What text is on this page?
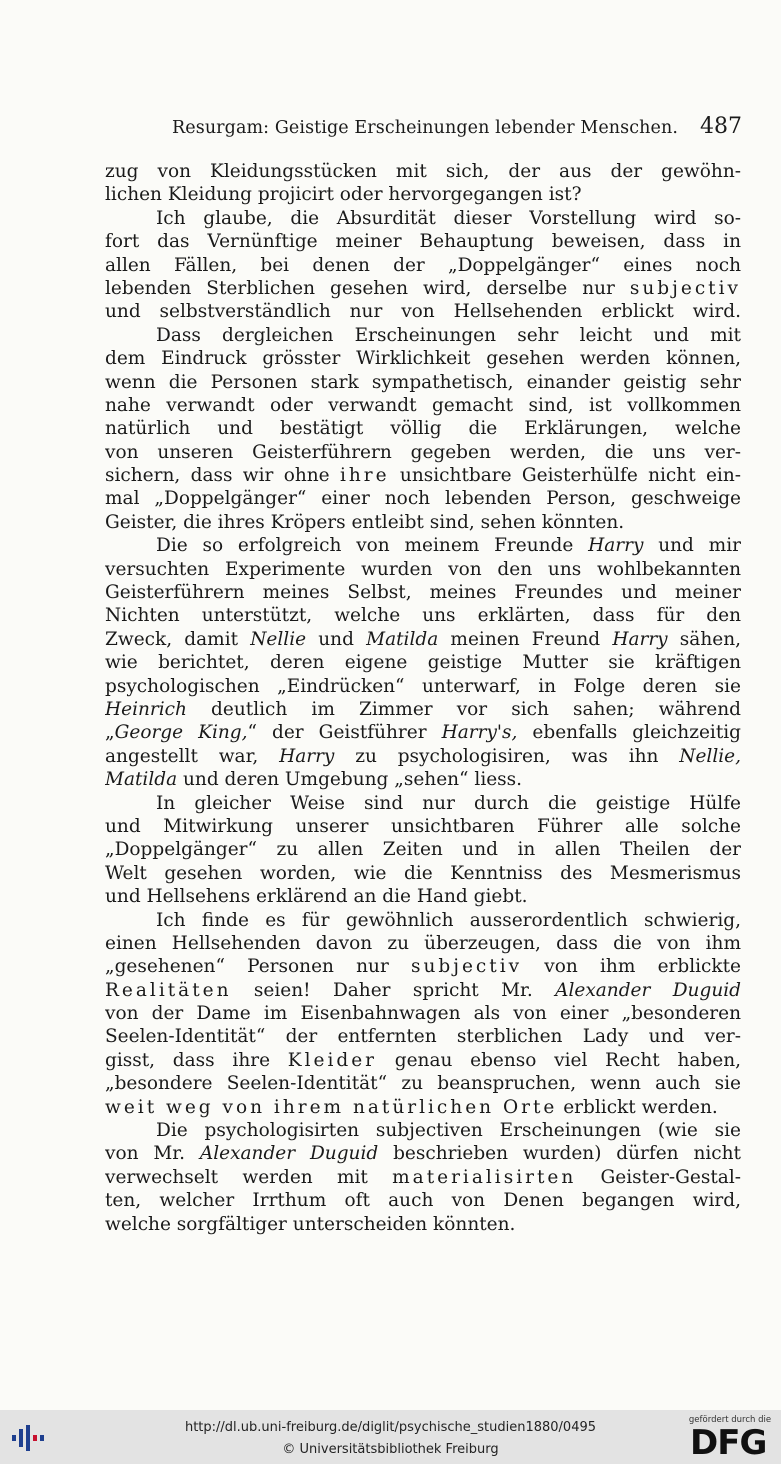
Resurgam: Geistige Erscheinungen lebender Menschen. 487
zug von Kleidungsstücken mit sich, der aus der gewöhn-
lichen Kleidung projicirt oder hervorgegangen ist?
Ich glaube, die Absurdität dieser Vorstellung wird so-
fort das Vernünftige meiner Behauptung beweisen, dass in
allen Fällen, bei denen der „Doppelgänger“ eines noch
lebenden Sterblichen gesehen wird, derselbe nur subjectiv
und selbstverständlich nur von Hellsehenden erblickt wird.
Dass dergleichen Erscheinungen sehr leicht und mit
dem Eindruck grösster Wirklichkeit gesehen werden können,
wenn die Personen stark sympathetisch, einander geistig sehr
nahe verwandt oder verwandt gemacht sind, ist vollkommen
natürlich und bestätigt völlig die Erklärungen, welche
von unseren Geisterführern gegeben werden, die uns ver-
sichern, dass wir ohne ihre unsichtbare Geisterhülfe nicht ein-
mal „Doppelgänger“ einer noch lebenden Person, geschweige
Geister, die ihres Kröpers entleibt sind, sehen könnten.
Die so erfolgreich von meinem Freunde Harry und mir
versuchten Experimente wurden von den uns wohlbekannten
Geisterführern meines Selbst, meines Freundes und meiner
Nichten unterstützt, welche uns erklärten, dass für den
Zweck, damit Nellie und Matilda meinen Freund Harry sähen,
wie berichtet, deren eigene geistige Mutter sie kräftigen
psychologischen „Eindrücken“ unterwarf, in Folge deren sie
Heinrich deutlich im Zimmer vor sich sahen; während
„George King,“ der Geistführer Harry's, ebenfalls gleichzeitig
angestellt war, Harry zu psychologisiren, was ihn Nellie,
Matilda und deren Umgebung „sehen“ liess.
In gleicher Weise sind nur durch die geistige Hülfe
und Mitwirkung unserer unsichtbaren Führer alle solche
„Doppelgänger“ zu allen Zeiten und in allen Theilen der
Welt gesehen worden, wie die Kenntniss des Mesmerismus
und Hellsehens erklärend an die Hand giebt.
Ich finde es für gewöhnlich ausserordentlich schwierig,
einen Hellsehenden davon zu überzeugen, dass die von ihm
„gesehenen“ Personen nur subjectiv von ihm erblickte
Realitäten seien! Daher spricht Mr. Alexander Duguid
von der Dame im Eisenbahnwagen als von einer „besonderen
Seelen-Identität“ der entfernten sterblichen Lady und ver-
gisst, dass ihre Kleider genau ebenso viel Recht haben,
„besondere Seelen-Identität“ zu beanspruchen, wenn auch sie
weit weg von ihrem natürlichen Orte erblickt werden.
Die psychologisirten subjectiven Erscheinungen (wie sie
von Mr. Alexander Duguid beschrieben wurden) dürfen nicht
verwechselt werden mit materialisirten Geister-Gestal-
ten, welcher Irrthum oft auch von Denen begangen wird,
welche sorgfältiger unterscheiden könnten.
http://dl.ub.uni-freiburg.de/diglit/psychische_studien1880/0495
© Universitätsbibliothek Freiburg
gefördert durch die
DFG
